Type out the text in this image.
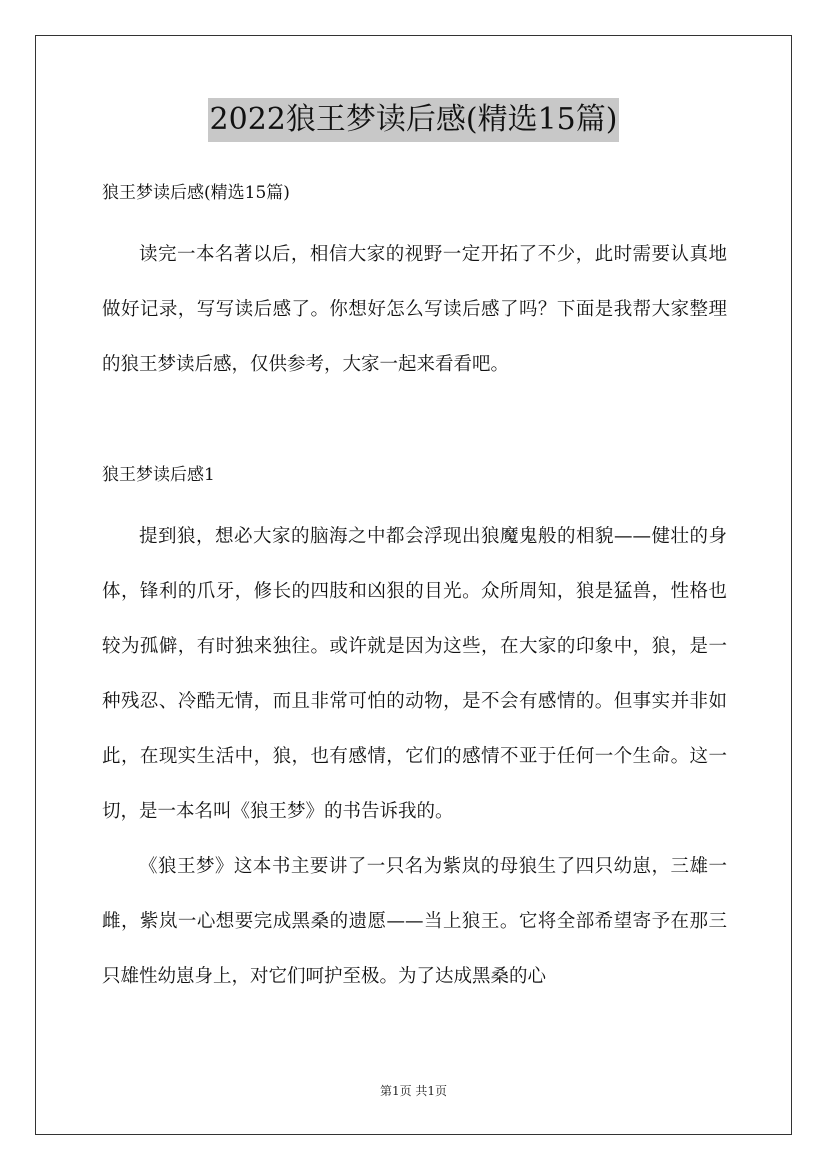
2022狼王梦读后感(精选15篇)

狼王梦读后感(精选15篇)

读完一本名著以后，相信大家的视野一定开拓了不少，此时需要认真地做好记录，写写读后感了。你想好怎么写读后感了吗？下面是我帮大家整理的狼王梦读后感，仅供参考，大家一起来看看吧。

狼王梦读后感1

提到狼，想必大家的脑海之中都会浮现出狼魔鬼般的相貌——健壮的身体，锋利的爪牙，修长的四肢和凶狠的目光。众所周知，狼是猛兽，性格也较为孤僻，有时独来独往。或许就是因为这些，在大家的印象中，狼，是一种残忍、冷酷无情，而且非常可怕的动物，是不会有感情的。但事实并非如此，在现实生活中，狼，也有感情，它们的感情不亚于任何一个生命。这一切，是一本名叫《狼王梦》的书告诉我的。

《狼王梦》这本书主要讲了一只名为紫岚的母狼生了四只幼崽，三雄一雌，紫岚一心想要完成黑桑的遗愿——当上狼王。它将全部希望寄予在那三只雄性幼崽身上，对它们呵护至极。为了达成黑桑的心

第1页 共1页
